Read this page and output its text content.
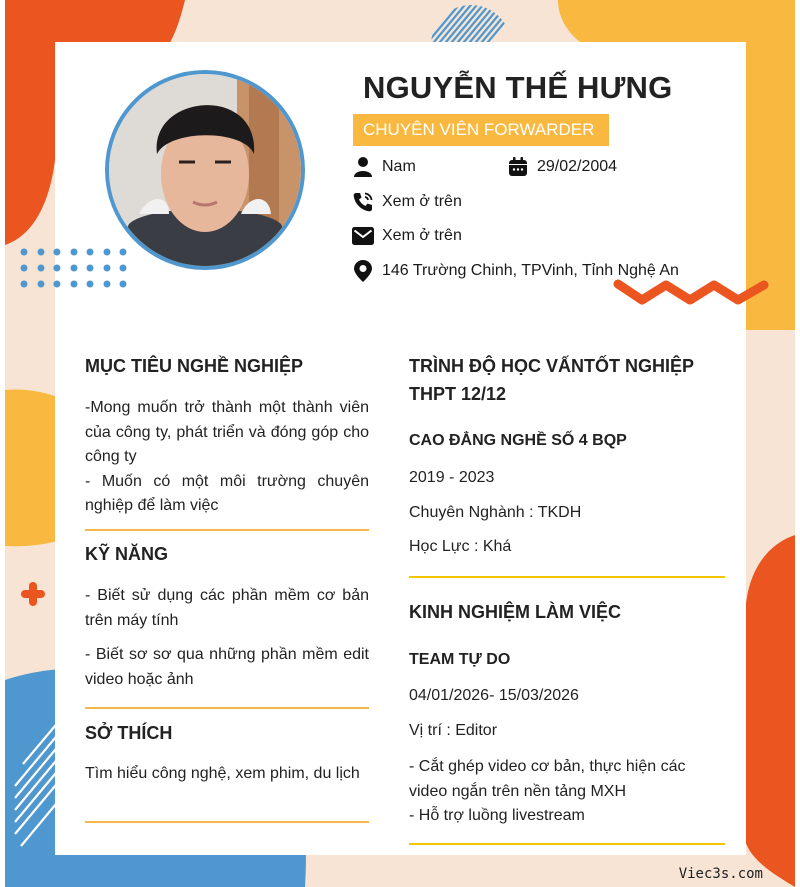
NGUYỄN THẾ HƯNG
CHUYÊN VIÊN FORWARDER
Nam	29/02/2004
Xem ở trên
Xem ở trên
146 Trường Chinh, TPVinh, Tỉnh Nghệ An
MỤC TIÊU NGHỀ NGHIỆP
-Mong muốn trở thành một thành viên của công ty, phát triển và đóng góp cho công ty
- Muốn có một môi trường chuyên nghiệp để làm việc
KỸ NĂNG
- Biết sử dụng các phần mềm cơ bản trên máy tính
- Biết sơ sơ qua những phần mềm edit video hoặc ảnh
SỞ THÍCH
Tìm hiểu công nghệ, xem phim, du lịch
TRÌNH ĐỘ HỌC VẤNTỐT NGHIỆP
THPT 12/12
CAO ĐẲNG NGHỀ SỐ 4 BQP
2019 - 2023
Chuyên Nghành : TKDH
Học Lực : Khá
KINH NGHIỆM LÀM VIỆC
TEAM TỰ DO
04/01/2026- 15/03/2026
Vị trí : Editor
- Cắt ghép video cơ bản, thực hiện các video ngắn trên nền tảng MXH
- Hỗ trợ luồng livestream
Viec3s.com
